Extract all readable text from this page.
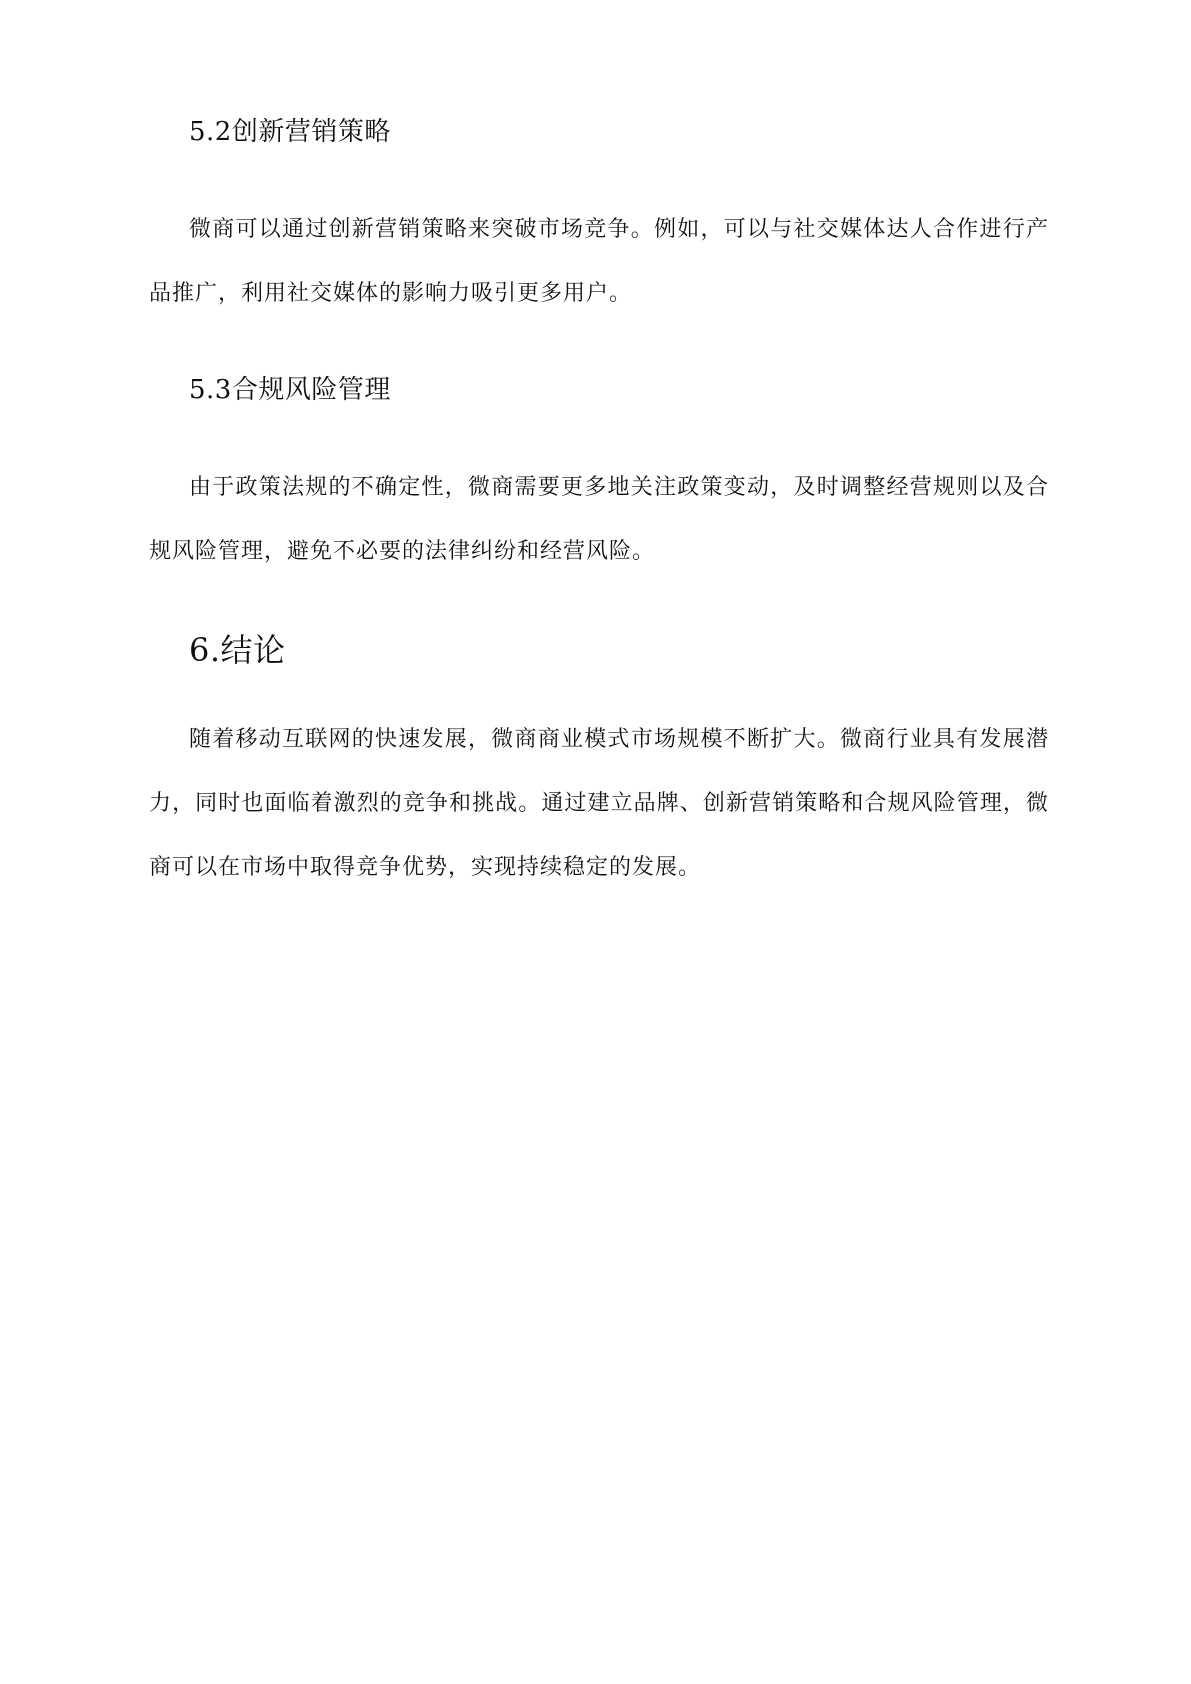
5.2创新营销策略

微商可以通过创新营销策略来突破市场竞争。例如，可以与社交媒体达人合作进行产品推广，利用社交媒体的影响力吸引更多用户。

5.3合规风险管理

由于政策法规的不确定性，微商需要更多地关注政策变动，及时调整经营规则以及合规风险管理，避免不必要的法律纠纷和经营风险。

6.结论

随着移动互联网的快速发展，微商商业模式市场规模不断扩大。微商行业具有发展潜力，同时也面临着激烈的竞争和挑战。通过建立品牌、创新营销策略和合规风险管理，微商可以在市场中取得竞争优势，实现持续稳定的发展。
